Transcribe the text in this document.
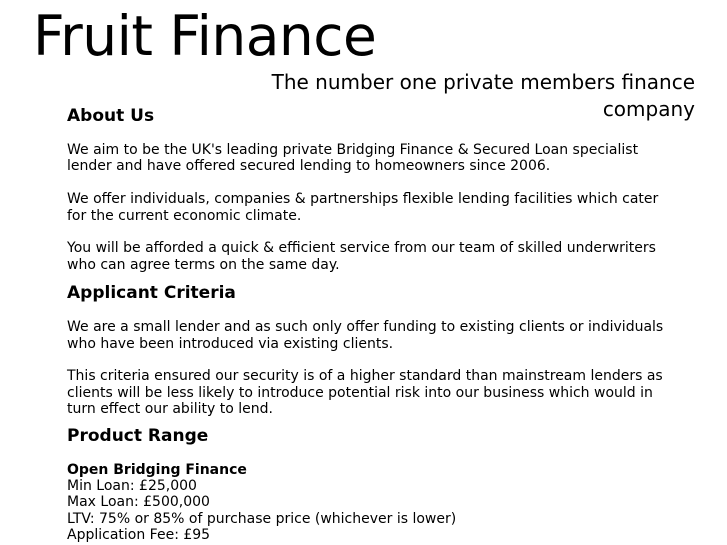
Fruit Finance

The number one private members finance company

About Us

We aim to be the UK's leading private Bridging Finance & Secured Loan specialist lender and have offered secured lending to homeowners since 2006.

We offer individuals, companies & partnerships flexible lending facilities which cater for the current economic climate.

You will be afforded a quick & efficient service from our team of skilled underwriters who can agree terms on the same day.

Applicant Criteria

We are a small lender and as such only offer funding to existing clients or individuals who have been introduced via existing clients.

This criteria ensured our security is of a higher standard than mainstream lenders as clients will be less likely to introduce potential risk into our business which would in turn effect our ability to lend.

Product Range
Open Bridging Finance
Min Loan: £25,000
Max Loan: £500,000
LTV: 75% or 85% of purchase price (whichever is lower)
Application Fee: £95
